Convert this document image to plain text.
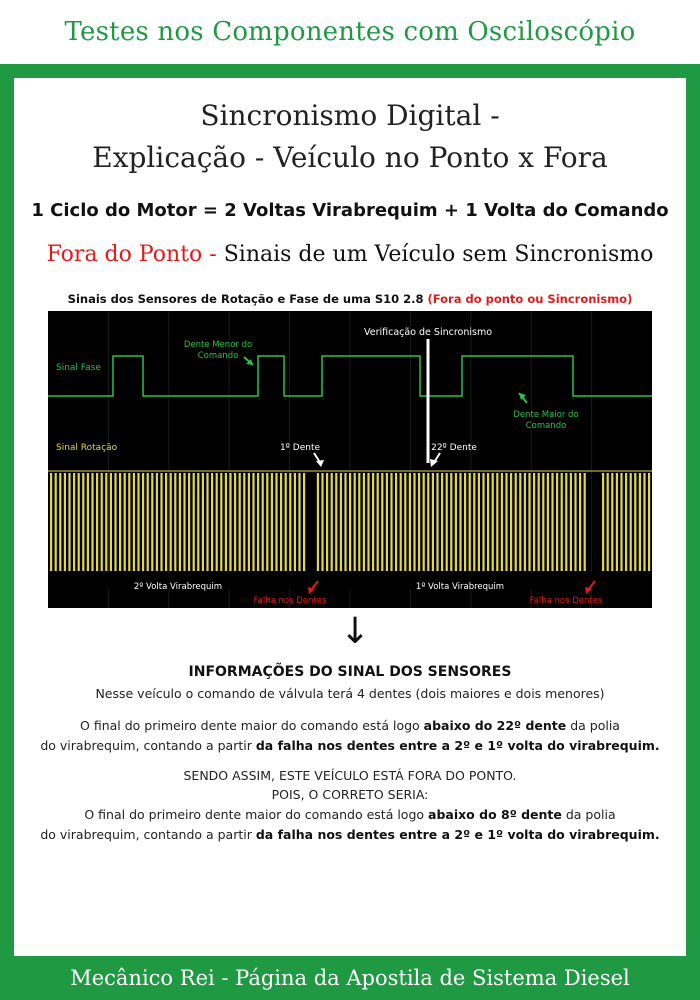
Testes nos Componentes com Osciloscópio
Sincronismo Digital -
Explicação - Veículo no Ponto x Fora
1 Ciclo do Motor = 2 Voltas Virabrequim + 1 Volta do Comando
Fora do Ponto - Sinais de um Veículo sem Sincronismo
Sinais dos Sensores de Rotação e Fase de uma S10 2.8 (Fora do ponto ou Sincronismo)
Verificação de Sincronismo
Sinal Fase
Dente Menor do
Comando
Dente Maior do
Comando
Sinal Rotação	1º Dente	22º Dente
2º Volta Virabrequim	1º Volta Virabrequim
Falha nos Dentes	Falha nos Dentes
↓
INFORMAÇÕES DO SINAL DOS SENSORES
Nesse veículo o comando de válvula terá 4 dentes (dois maiores e dois menores)
O final do primeiro dente maior do comando está logo abaixo do 22º dente da polia
do virabrequim, contando a partir da falha nos dentes entre a 2º e 1º volta do virabrequim.
SENDO ASSIM, ESTE VEÍCULO ESTÁ FORA DO PONTO.
POIS, O CORRETO SERIA:
O final do primeiro dente maior do comando está logo abaixo do 8º dente da polia
do virabrequim, contando a partir da falha nos dentes entre a 2º e 1º volta do virabrequim.
Mecânico Rei - Página da Apostila de Sistema Diesel
